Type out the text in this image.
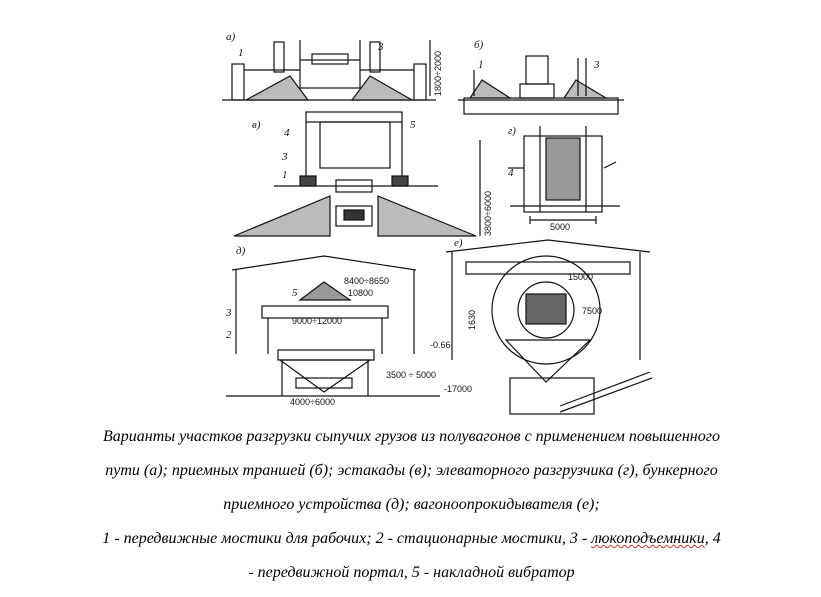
а)
б)
в)	г)
д)
е)
1	3
1	3
4
5
3
1	4
5
3
2
1800÷2000
3800÷6000	5000
8400÷8650
10800
9000÷12000
-0.66
3500 ÷ 5000
-17000
4000÷6000
15000
1630	7500

Варианты участков разгрузки сыпучих грузов из полувагонов с применением повышенного

пути (а); приемных траншей (б); эстакады (в); элеваторного разгрузчика (г), бункерного

приемного устройства (д); вагоноопрокидывателя (е);

1 - передвижные мостики для рабочих; 2 - стационарные мостики, 3 - люкоподъемники, 4

- передвижной портал, 5 - накладной вибратор
